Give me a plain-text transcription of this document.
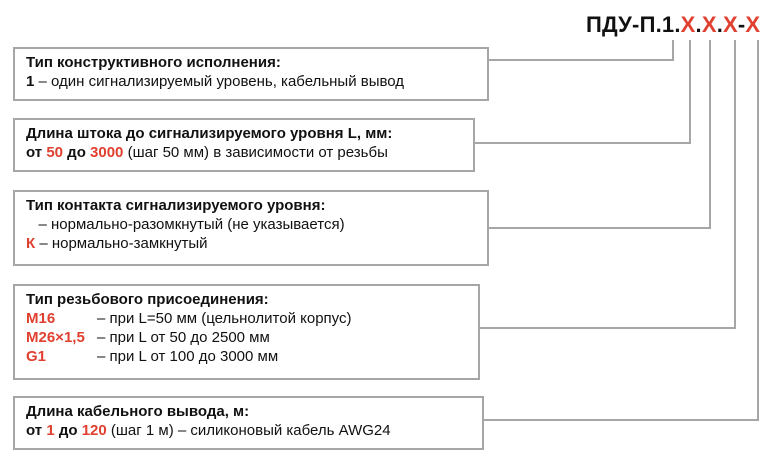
ПДУ-П.1.Х.Х.Х-Х
Тип конструктивного исполнения:
1 – один сигнализируемый уровень, кабельный вывод
Длина штока до сигнализируемого уровня L, мм:
от 50 до 3000 (шаг 50 мм) в зависимости от резьбы
Тип контакта сигнализируемого уровня:
– нормально-разомкнутый (не указывается)
К – нормально-замкнутый
Тип резьбового присоединения:
М16	– при L=50 мм (цельнолитой корпус)
М26×1,5 – при L от 50 до 2500 мм
G1	– при L от 100 до 3000 мм
Длина кабельного вывода, м:
от 1 до 120 (шаг 1 м) – силиконовый кабель AWG24
